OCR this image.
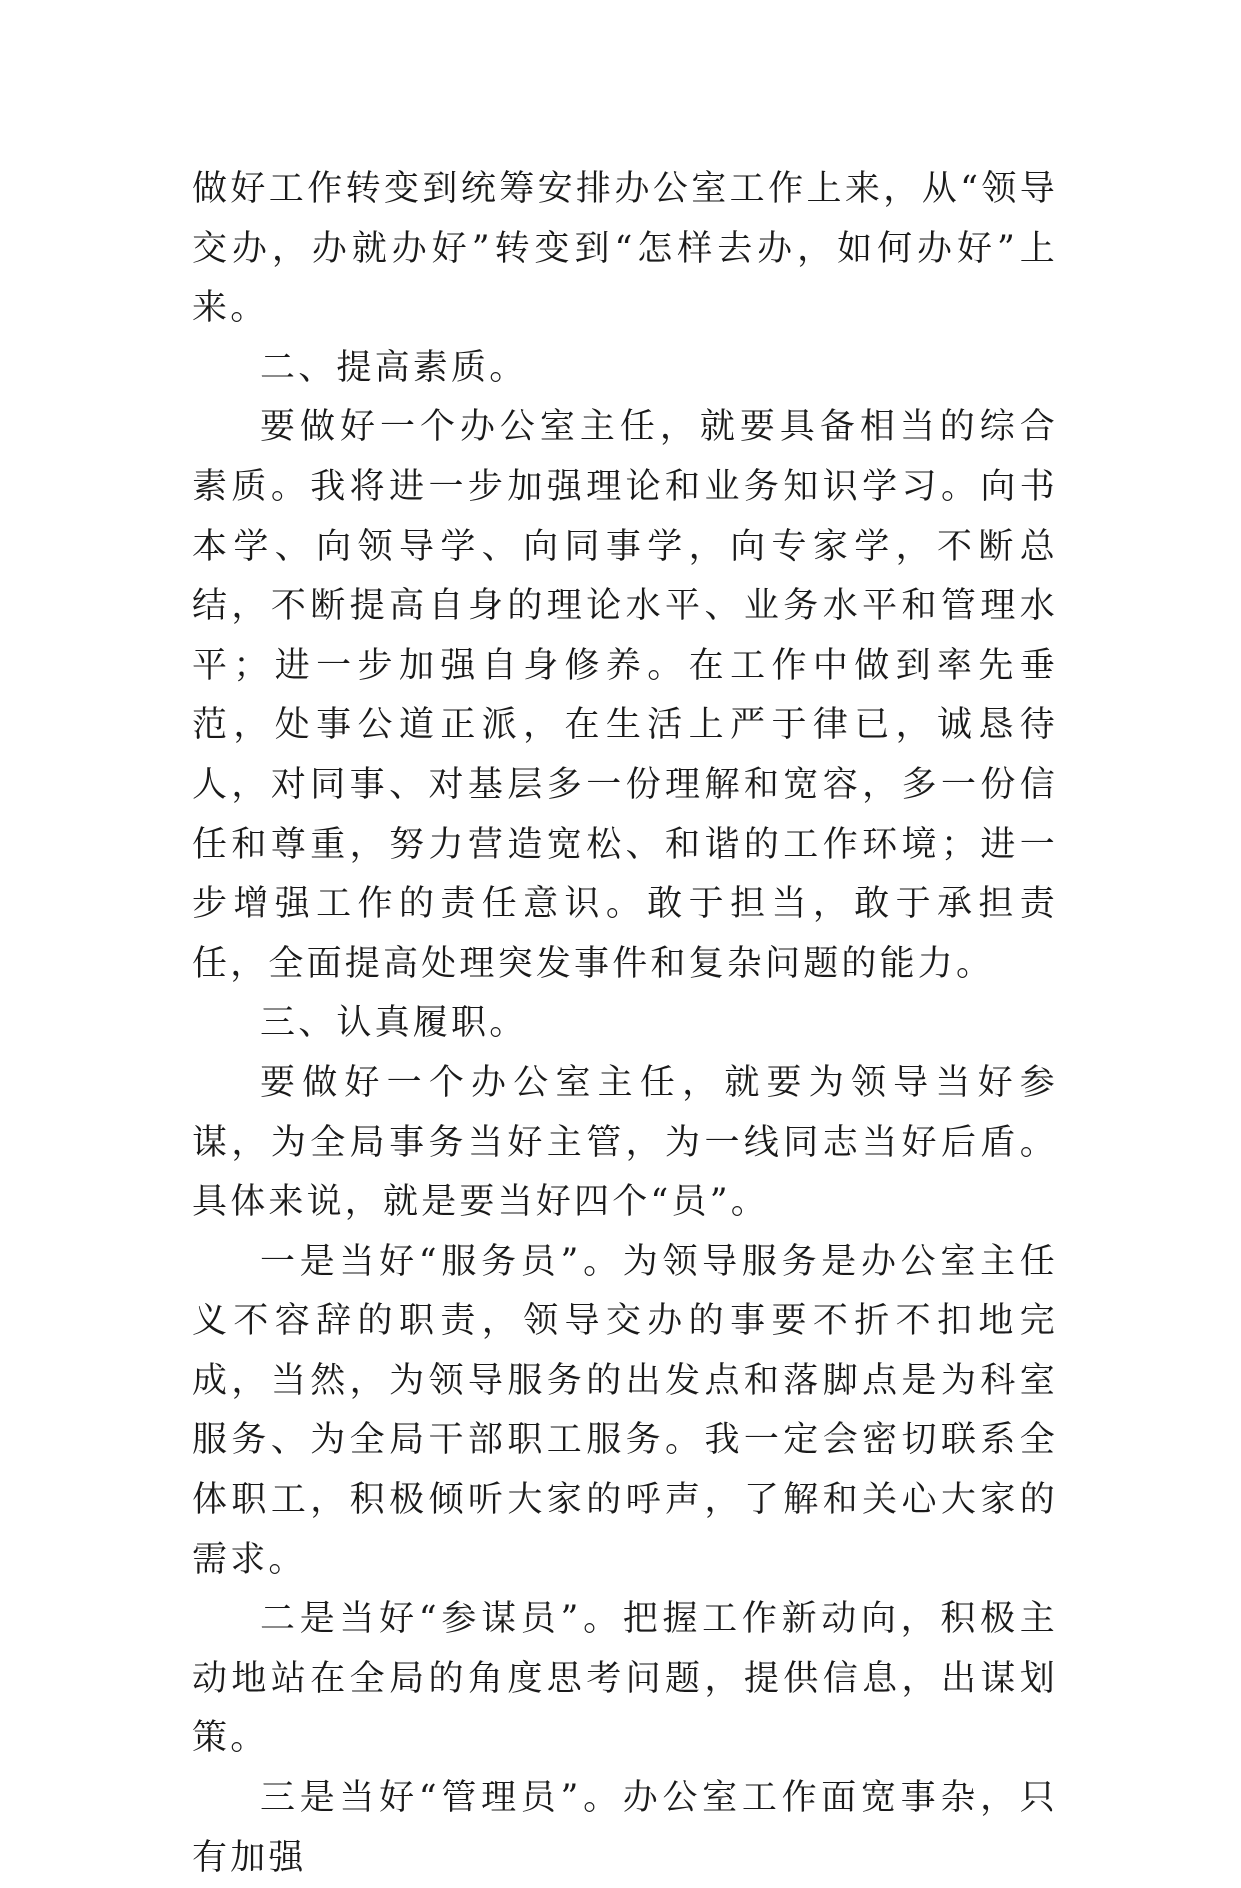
做好工作转变到统筹安排办公室工作上来，从“领导交办，办就办好”转变到“怎样去办，如何办好”上来。

二、提高素质。

要做好一个办公室主任，就要具备相当的综合素质。我将进一步加强理论和业务知识学习。向书本学、向领导学、向同事学，向专家学，不断总结，不断提高自身的理论水平、业务水平和管理水平；进一步加强自身修养。在工作中做到率先垂范，处事公道正派，在生活上严于律已，诚恳待人，对同事、对基层多一份理解和宽容，多一份信任和尊重，努力营造宽松、和谐的工作环境；进一步增强工作的责任意识。敢于担当，敢于承担责任，全面提高处理突发事件和复杂问题的能力。

三、认真履职。

要做好一个办公室主任，就要为领导当好参谋，为全局事务当好主管，为一线同志当好后盾。具体来说，就是要当好四个“员”。

一是当好“服务员”。为领导服务是办公室主任义不容辞的职责，领导交办的事要不折不扣地完成，当然，为领导服务的出发点和落脚点是为科室服务、为全局干部职工服务。我一定会密切联系全体职工，积极倾听大家的呼声，了解和关心大家的需求。

二是当好“参谋员”。把握工作新动向，积极主动地站在全局的角度思考问题，提供信息，出谋划策。

三是当好“管理员”。办公室工作面宽事杂，只有加强
